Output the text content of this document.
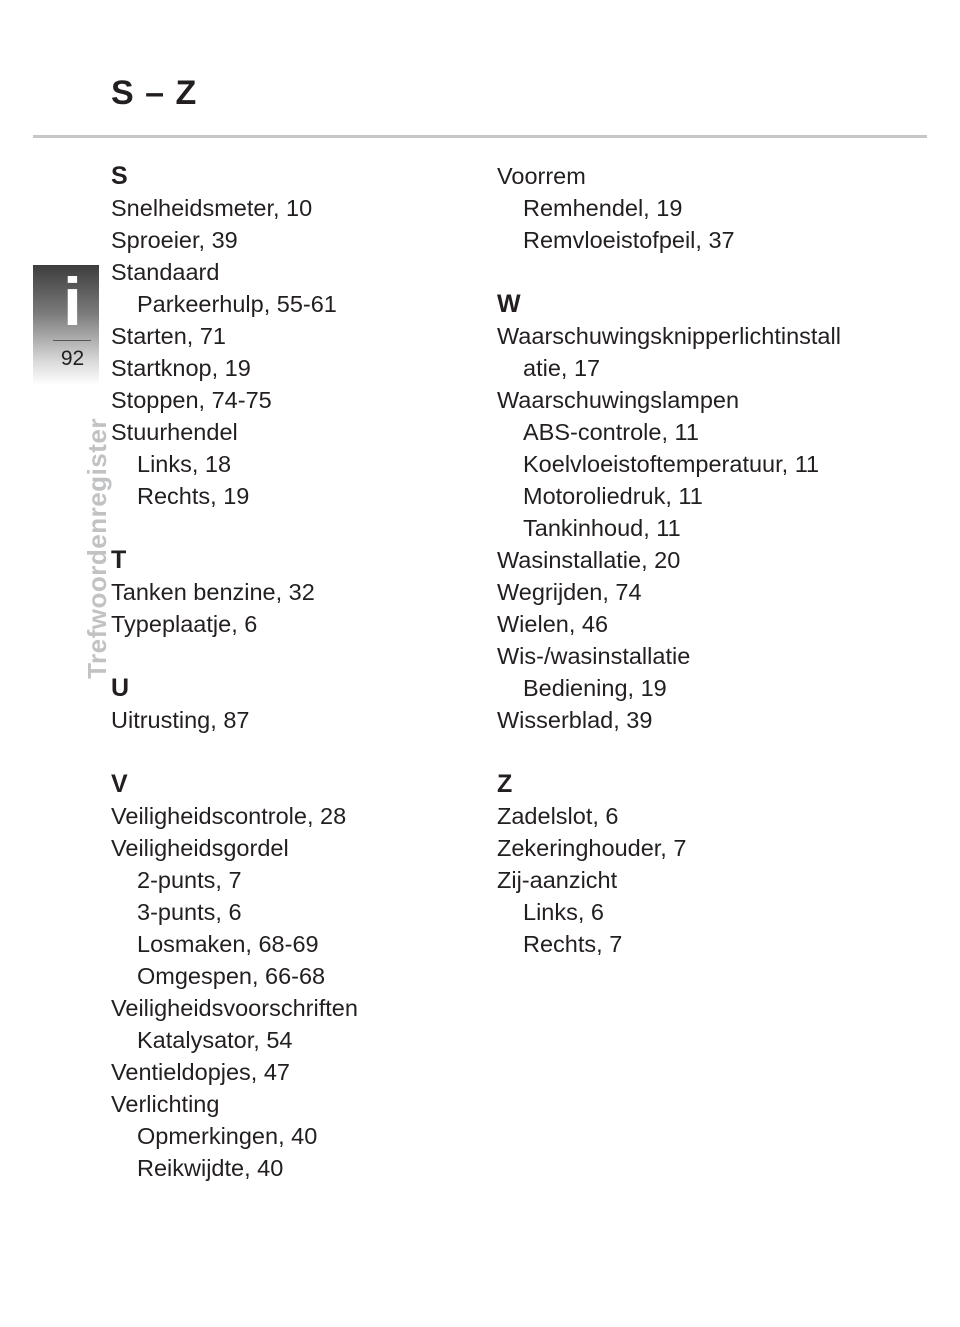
S – Z
i
92
Trefwoordenregister
S
Snelheidsmeter, 10
Sproeier, 39
Standaard
Parkeerhulp, 55-61
Starten, 71
Startknop, 19
Stoppen, 74-75
Stuurhendel
Links, 18
Rechts, 19
T
Tanken benzine, 32
Typeplaatje, 6
U
Uitrusting, 87
V
Veiligheidscontrole, 28
Veiligheidsgordel
2-punts, 7
3-punts, 6
Losmaken, 68-69
Omgespen, 66-68
Veiligheidsvoorschriften
Katalysator, 54
Ventieldopjes, 47
Verlichting
Opmerkingen, 40
Reikwijdte, 40
Voorrem
Remhendel, 19
Remvloeistofpeil, 37
W
Waarschuwingsknipperlichtinstall
atie, 17
Waarschuwingslampen
ABS-controle, 11
Koelvloeistoftemperatuur, 11
Motoroliedruk, 11
Tankinhoud, 11
Wasinstallatie, 20
Wegrijden, 74
Wielen, 46
Wis-/wasinstallatie
Bediening, 19
Wisserblad, 39
Z
Zadelslot, 6
Zekeringhouder, 7
Zij-aanzicht
Links, 6
Rechts, 7
